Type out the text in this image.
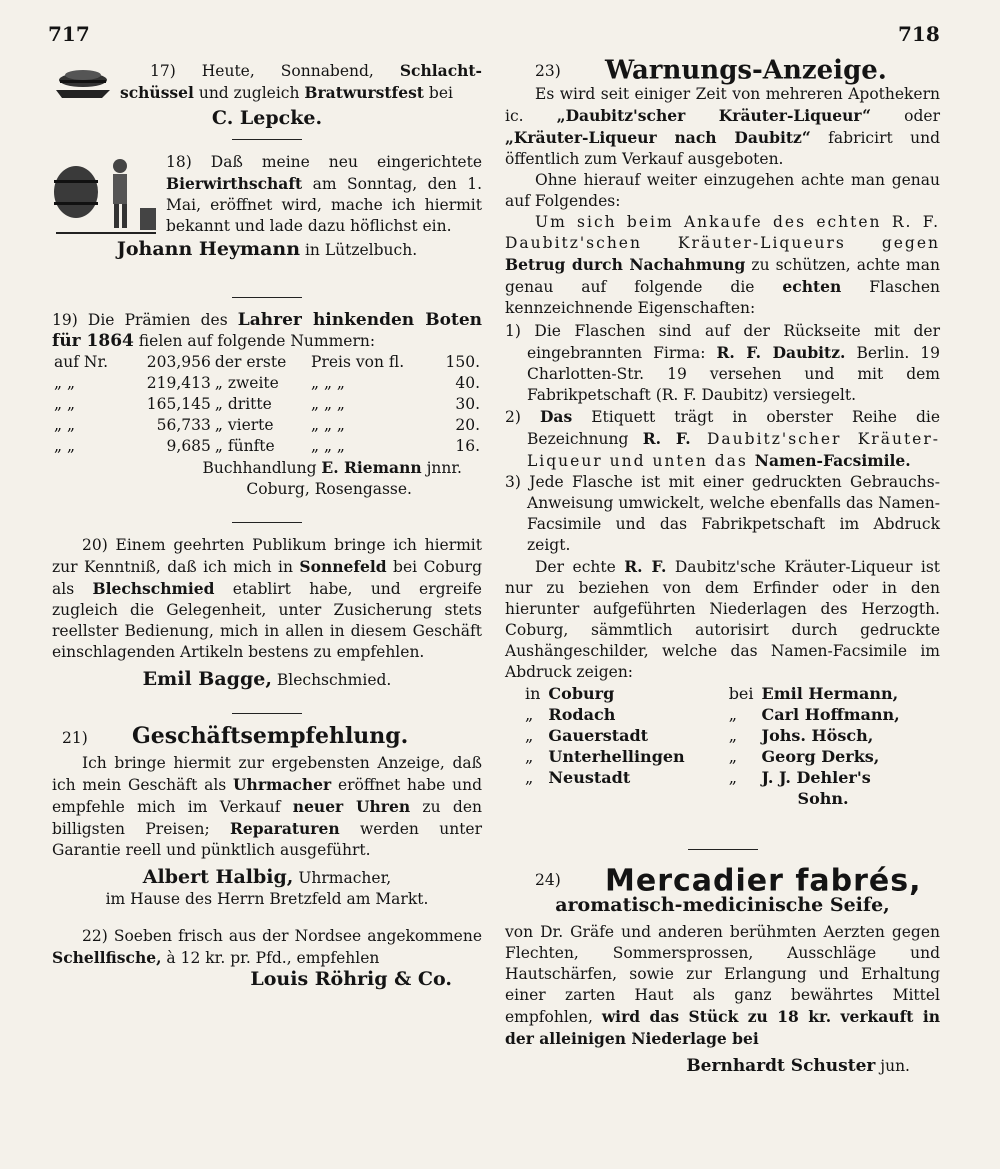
717	718

17) Heute, Sonnabend, Schlacht- schüssel und zugleich Bratwurstfest bei

C. Lepcke.

18) Daß meine neu eingerichtete Bierwirthschaft am Sonntag, den 1. Mai, eröffnet wird, mache ich hiermit bekannt und lade dazu höflichst ein.

Johann Heymann in Lützelbuch.

19) Die Prämien des Lahrer hinkenden Boten für 1864 fielen auf folgende Nummern:

auf Nr.	203,956	der erste	Preis von fl.	150.
„ „	219,413	„ zweite	„ „ „	40.
„ „	165,145	„ dritte	„ „ „	30.
„ „	56,733	„ vierte	„ „ „	20.
„ „	9,685	„ fünfte	„ „ „	16.

Buchhandlung E. Riemann jnnr.

Coburg, Rosengasse.

20) Einem geehrten Publikum bringe ich hiermit zur Kenntniß, daß ich mich in Sonnefeld bei Coburg als Blechschmied etablirt habe, und ergreife zugleich die Gelegenheit, unter Zusicherung stets reellster Bedienung, mich in allen in diesem Geschäft einschlagenden Artikeln bestens zu empfehlen.

Emil Bagge, Blechschmied.

21) Geschäftsempfehlung.

Ich bringe hiermit zur ergebensten Anzeige, daß ich mein Geschäft als Uhrmacher eröffnet habe und empfehle mich im Verkauf neuer Uhren zu den billigsten Preisen; Reparaturen werden unter Garantie reell und pünktlich ausgeführt.

Albert Halbig, Uhrmacher,

im Hause des Herrn Bretzfeld am Markt.

22) Soeben frisch aus der Nordsee angekommene Schellfische, à 12 kr. pr. Pfd., empfehlen

Louis Röhrig & Co.

23) Warnungs-Anzeige.

Es wird seit einiger Zeit von mehreren Apothekern ic. „Daubitz'scher Kräuter-Liqueur“ oder „Kräuter-Liqueur nach Daubitz“ fabricirt und öffentlich zum Verkauf ausgeboten.

Ohne hierauf weiter einzugehen achte man genau auf Folgendes:

Um sich beim Ankaufe des echten R. F. Daubitz'schen Kräuter-Liqueurs gegen Betrug durch Nachahmung zu schützen, achte man genau auf folgende die echten Flaschen kennzeichnende Eigenschaften:

1) Die Flaschen sind auf der Rückseite mit der eingebrannten Firma: R. F. Daubitz. Berlin. 19 Charlotten-Str. 19 versehen und mit dem Fabrikpetschaft (R. F. Daubitz) versiegelt.

2) Das Etiquett trägt in oberster Reihe die Bezeichnung R. F. Daubitz'scher Kräuter-Liqueur und unten das Namen-Facsimile.

3) Jede Flasche ist mit einer gedruckten Gebrauchs-Anweisung umwickelt, welche ebenfalls das Namen-Facsimile und das Fabrikpetschaft im Abdruck zeigt.

Der echte R. F. Daubitz'sche Kräuter-Liqueur ist nur zu beziehen von dem Erfinder oder in den hierunter aufgeführten Niederlagen des Herzogth. Coburg, sämmtlich autorisirt durch gedruckte Aushängeschilder, welche das Namen-Facsimile im Abdruck zeigen:

in	Coburg	bei	Emil Hermann,
„	Rodach	„	Carl Hoffmann,
„	Gauerstadt	„	Johs. Hösch,
„	Unterhellingen	„	Georg Derks,
„	Neustadt	„	J. J. Dehler's
			Sohn.

24) Mercadier fabrés,

aromatisch-medicinische Seife,

von Dr. Gräfe und anderen berühmten Aerzten gegen Flechten, Sommersprossen, Ausschläge und Hautschärfen, sowie zur Erlangung und Erhaltung einer zarten Haut als ganz bewährtes Mittel empfohlen, wird das Stück zu 18 kr. verkauft in der alleinigen Niederlage bei

Bernhardt Schuster jun.
